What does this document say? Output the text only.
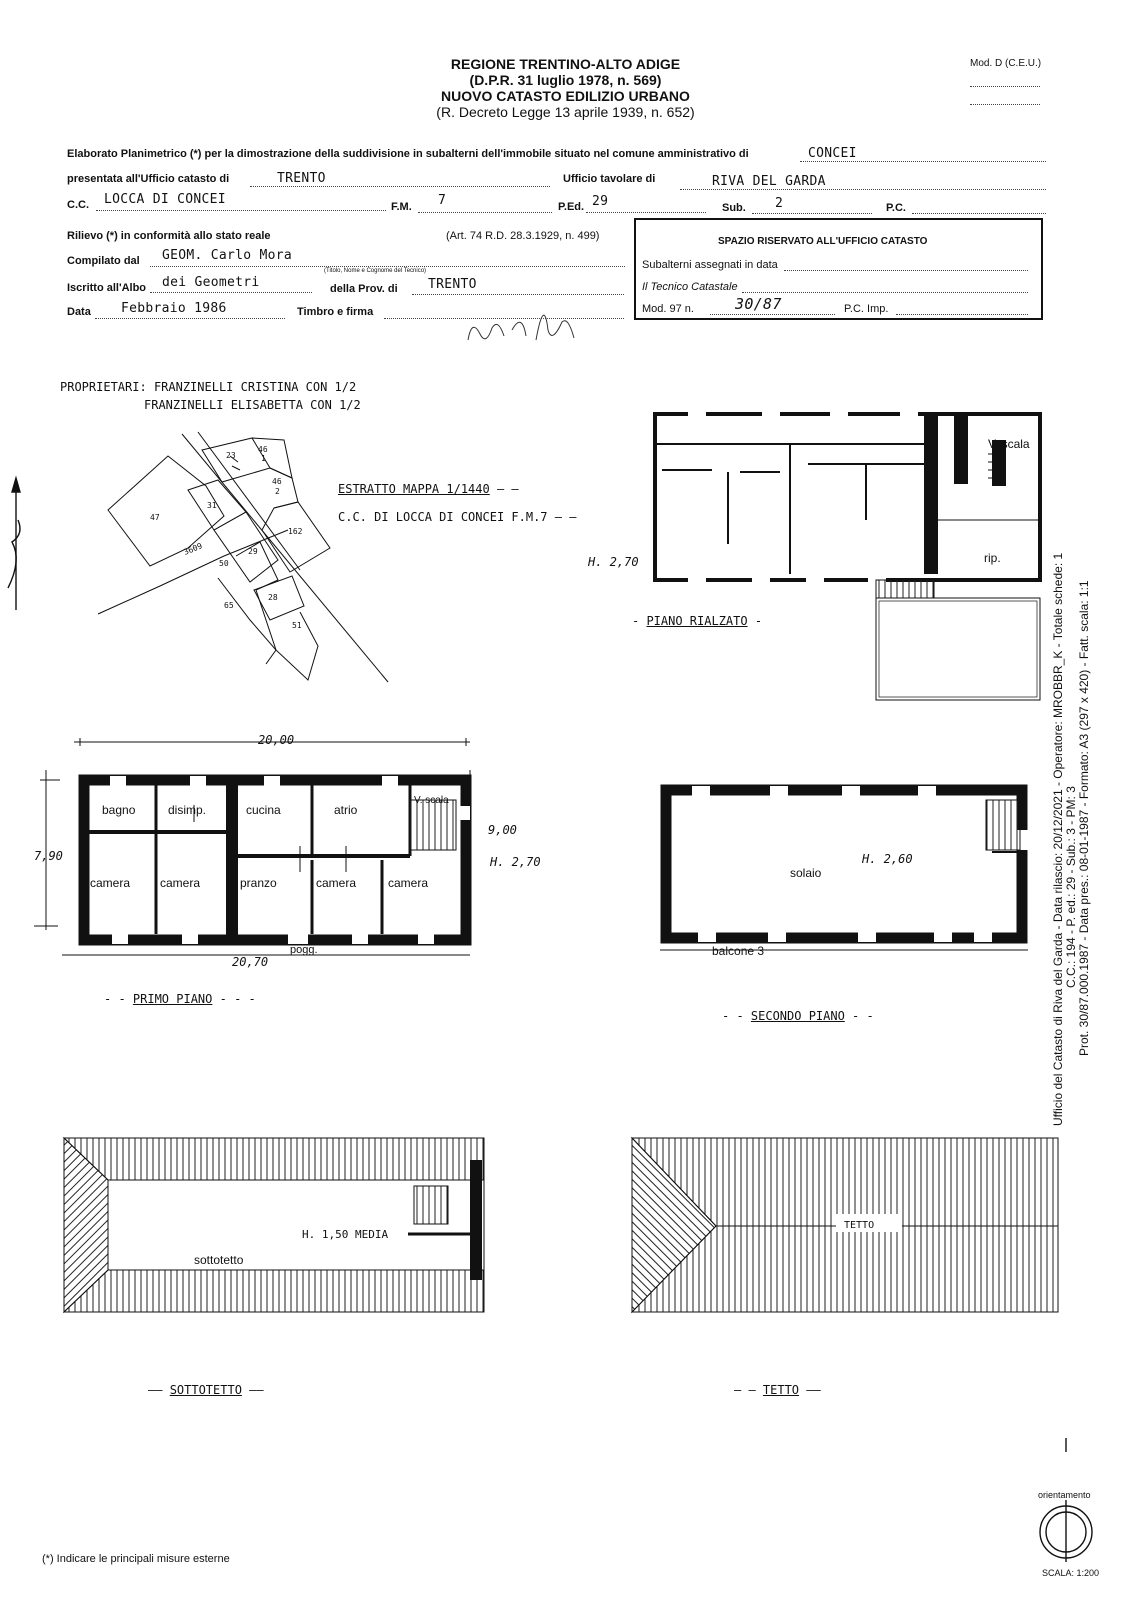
REGIONE TRENTINO-ALTO ADIGE
(D.P.R. 31 luglio 1978, n. 569)
NUOVO CATASTO EDILIZIO URBANO
(R. Decreto Legge 13 aprile 1939, n. 652)
Mod. D (C.E.U.)
Elaborato Planimetrico (*) per la dimostrazione della suddivisione in subalterni dell'immobile situato nel comune amministrativo di	CONCEI
presentata all'Ufficio catasto di	TRENTO	Ufficio tavolare di	RIVA DEL GARDA
C.C. LOCCA DI CONCEI	F.M. 7	P.Ed. 29	Sub. 2	P.C.
Rilievo (*) in conformità allo stato reale	(Art. 74 R.D. 28.3.1929, n. 499)
Compilato dal GEOM. Carlo Mora
(Titolo, Nome e Cognome del Tecnico)
Iscritto all'Albo dei Geometri	della Prov. di TRENTO
Data Febbraio 1986	Timbro e firma
SPAZIO RISERVATO ALL'UFFICIO CATASTO
Subalterni assegnati in data
Il Tecnico Catastale
Mod. 97 n.	30/87	P.C. Imp.
PROPRIETARI: FRANZINELLI CRISTINA CON 1/2
FRANZINELLI ELISABETTA CON 1/2
ESTRATTO MAPPA 1/1440 — —
C.C. DI LOCCA DI CONCEI F.M.7 — —
23
46
1
46
2
47
31
162
3609	29
50
28
65
51
20,00
20,70
7,90
9,00
H. 2,70
H. 1,50 MEDIA
TETTO
V. scala
rip.
H. 2,70
- PIANO RIALZATO -
bagno	disimp.	cucina	atrio
V. scala
camera camera	pranzo	camera	camera
pogg.
- - PRIMO PIANO - - -
solaio
H. 2,60
balcone 3
- - SECONDO PIANO - -
sottotetto
—— SOTTOTETTO ——	— — TETTO ——
(*) Indicare le principali misure esterne
orientamento
SCALA: 1:200
Ufficio del Catasto di Riva del Garda - Data rilascio: 20/12/2021 - Operatore: MROBBR_K - Totale schede: 1 C.C.: 194 - P. ed.: 29 - Sub.: 3 - PM: 3 Prot. 30/87.000.1987 - Data pres.: 08-01-1987 - Formato: A3 (297 x 420) - Fatt. scala: 1:1
